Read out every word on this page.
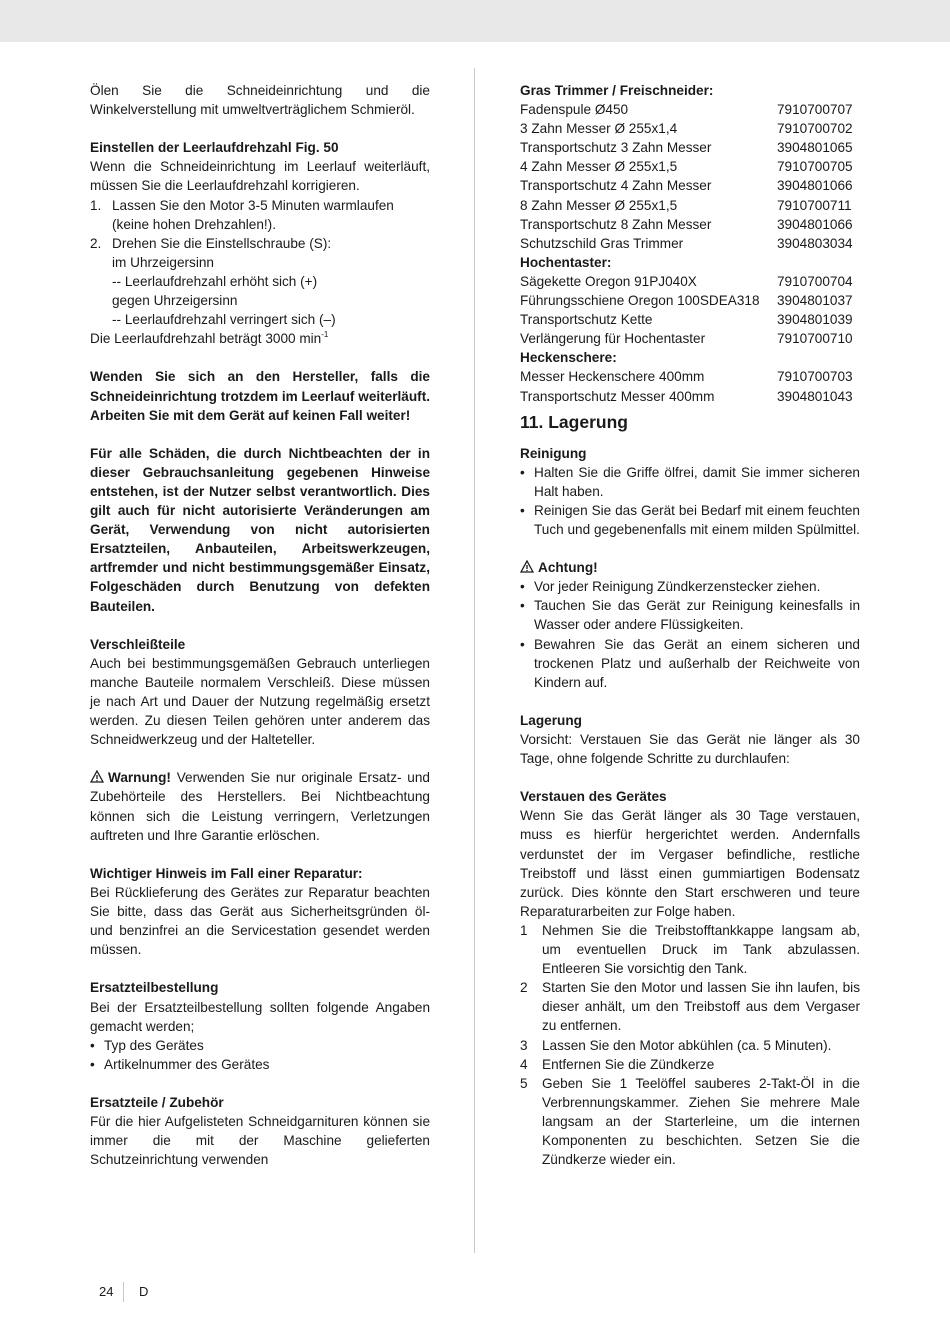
Ölen Sie die Schneideinrichtung und die Winkelverstellung mit umweltverträglichem Schmieröl.

Einstellen der Leerlaufdrehzahl Fig. 50

Wenn die Schneideinrichtung im Leerlauf weiterläuft, müssen Sie die Leerlaufdrehzahl korrigieren.

1. Lassen Sie den Motor 3-5 Minuten warmlaufen
(keine hohen Drehzahlen!).
2. Drehen Sie die Einstellschraube (S):
im Uhrzeigersinn
-- Leerlaufdrehzahl erhöht sich (+)
gegen Uhrzeigersinn
-- Leerlaufdrehzahl verringert sich (–)

Die Leerlaufdrehzahl beträgt 3000 $\min^{-1}$

Wenden Sie sich an den Hersteller, falls die Schneideinrichtung trotzdem im Leerlauf weiterläuft. Arbeiten Sie mit dem Gerät auf keinen Fall weiter!

Für alle Schäden, die durch Nichtbeachten der in dieser Gebrauchsanleitung gegebenen Hinweise entstehen, ist der Nutzer selbst verantwortlich. Dies gilt auch für nicht autorisierte Veränderungen am Gerät, Verwendung von nicht autorisierten Ersatzteilen, Anbauteilen, Arbeitswerkzeugen, artfremder und nicht bestimmungsgemäßer Einsatz, Folgeschäden durch Benutzung von defekten Bauteilen.

Verschleißteile

Auch bei bestimmungsgemäßen Gebrauch unterliegen manche Bauteile normalem Verschleiß. Diese müssen je nach Art und Dauer der Nutzung regelmäßig ersetzt werden. Zu diesen Teilen gehören unter anderem das Schneidwerkzeug und der Halteteller.

Warnung! Verwenden Sie nur originale Ersatz- und Zubehörteile des Herstellers. Bei Nichtbeachtung können sich die Leistung verringern, Verletzungen auftreten und Ihre Garantie erlöschen.

Wichtiger Hinweis im Fall einer Reparatur:

Bei Rücklieferung des Gerätes zur Reparatur beachten Sie bitte, dass das Gerät aus Sicherheitsgründen öl- und benzinfrei an die Servicestation gesendet werden müssen.

Ersatzteilbestellung

Bei der Ersatzteilbestellung sollten folgende Angaben gemacht werden;

• Typ des Gerätes
• Artikelnummer des Gerätes

Ersatzteile / Zubehör

Für die hier Aufgelisteten Schneidgarnituren können sie immer die mit der Maschine gelieferten Schutzeinrichtung verwenden

Gras Trimmer / Freischneider:	
Fadenspule Ø450	7910700707
3 Zahn Messer Ø 255x1,4	7910700702
Transportschutz 3 Zahn Messer	3904801065
4 Zahn Messer Ø 255x1,5	7910700705
Transportschutz 4 Zahn Messer	3904801066
8 Zahn Messer Ø 255x1,5	7910700711
Transportschutz 8 Zahn Messer	3904801066
Schutzschild Gras Trimmer	3904803034
Hochentaster:	
Sägekette Oregon 91PJ040X	7910700704
Führungsschiene Oregon 100SDEA318	3904801037
Transportschutz Kette	3904801039
Verlängerung für Hochentaster	7910700710
Heckenschere:	
Messer Heckenschere 400mm	7910700703
Transportschutz Messer 400mm	3904801043
11. Lagerung

Reinigung

• Halten Sie die Griffe ölfrei, damit Sie immer sicheren Halt haben.
• Reinigen Sie das Gerät bei Bedarf mit einem feuchten Tuch und gegebenenfalls mit einem milden Spülmittel.

Achtung!

• Vor jeder Reinigung Zündkerzenstecker ziehen.
• Tauchen Sie das Gerät zur Reinigung keinesfalls in Wasser oder andere Flüssigkeiten.
• Bewahren Sie das Gerät an einem sicheren und trockenen Platz und außerhalb der Reichweite von Kindern auf.

Lagerung

Vorsicht: Verstauen Sie das Gerät nie länger als 30 Tage, ohne folgende Schritte zu durchlaufen:

Verstauen des Gerätes

Wenn Sie das Gerät länger als 30 Tage verstauen, muss es hierfür hergerichtet werden. Andernfalls verdunstet der im Vergaser befindliche, restliche Treibstoff und lässt einen gummiartigen Bodensatz zurück. Dies könnte den Start erschweren und teure Reparaturarbeiten zur Folge haben.

1	Nehmen Sie die Treibstofftankkappe langsam ab, um eventuellen Druck im Tank abzulassen. Entleeren Sie vorsichtig den Tank.
2	Starten Sie den Motor und lassen Sie ihn laufen, bis dieser anhält, um den Treibstoff aus dem Vergaser zu entfernen.
3	Lassen Sie den Motor abkühlen (ca. 5 Minuten).
4	Entfernen Sie die Zündkerze
5	Geben Sie 1 Teelöffel sauberes 2-Takt-Öl in die Verbrennungskammer. Ziehen Sie mehrere Male langsam an der Starterleine, um die internen Komponenten zu beschichten. Setzen Sie die Zündkerze wieder ein.
24 D
